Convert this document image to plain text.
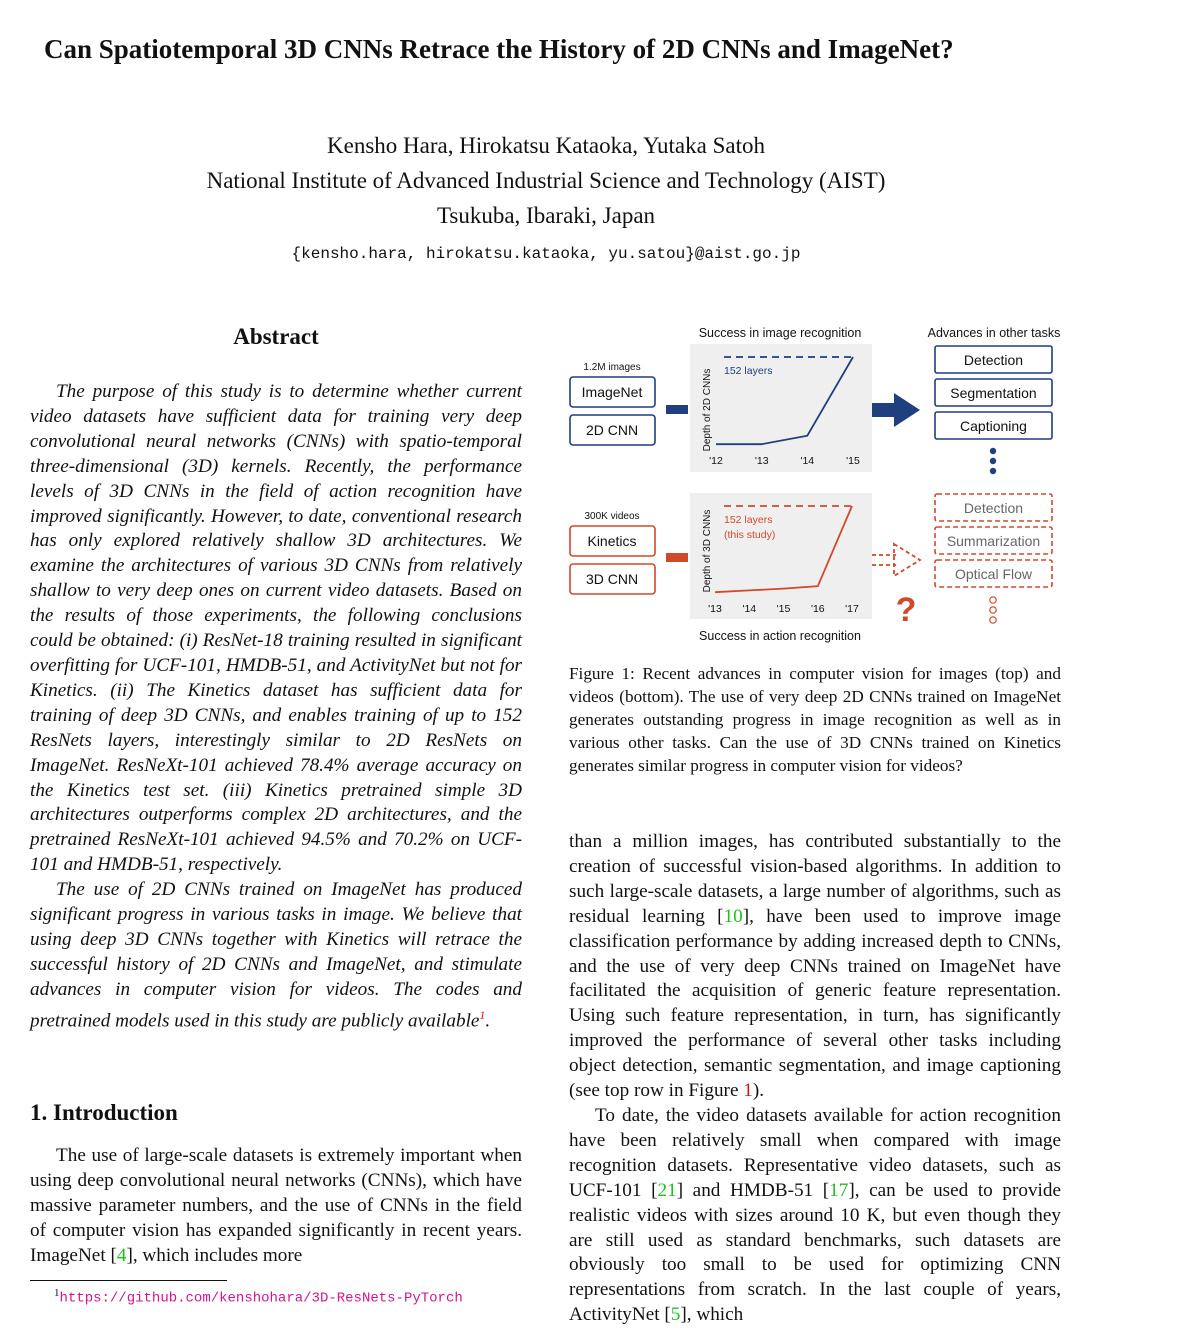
Can Spatiotemporal 3D CNNs Retrace the History of 2D CNNs and ImageNet?
Kensho Hara, Hirokatsu Kataoka, Yutaka Satoh
National Institute of Advanced Industrial Science and Technology (AIST)
Tsukuba, Ibaraki, Japan
{kensho.hara, hirokatsu.kataoka, yu.satou}@aist.go.jp
Abstract

The purpose of this study is to determine whether current video datasets have sufficient data for training very deep convolutional neural networks (CNNs) with spatio-temporal three-dimensional (3D) kernels. Recently, the performance levels of 3D CNNs in the field of action recognition have improved significantly. However, to date, conventional research has only explored relatively shallow 3D architectures. We examine the architectures of various 3D CNNs from relatively shallow to very deep ones on current video datasets. Based on the results of those experiments, the following conclusions could be obtained: (i) ResNet-18 training resulted in significant overfitting for UCF-101, HMDB-51, and ActivityNet but not for Kinetics. (ii) The Kinetics dataset has sufficient data for training of deep 3D CNNs, and enables training of up to 152 ResNets layers, interestingly similar to 2D ResNets on ImageNet. ResNeXt-101 achieved 78.4% average accuracy on the Kinetics test set. (iii) Kinetics pretrained simple 3D architectures outperforms complex 2D architectures, and the pretrained ResNeXt-101 achieved 94.5% and 70.2% on UCF-101 and HMDB-51, respectively.

The use of 2D CNNs trained on ImageNet has produced significant progress in various tasks in image. We believe that using deep 3D CNNs together with Kinetics will retrace the successful history of 2D CNNs and ImageNet, and stimulate advances in computer vision for videos. The codes and pretrained models used in this study are publicly available$^1$.

1. Introduction

The use of large-scale datasets is extremely important when using deep convolutional neural networks (CNNs), which have massive parameter numbers, and the use of CNNs in the field of computer vision has expanded significantly in recent years. ImageNet [4], which includes more

$^1$https://github.com/kenshohara/3D-ResNets-PyTorch
Success in image recognition	Advances in other tasks
Success in action recognition
1.2M images
ImageNet
2D CNN	Depth of 2D CNNs 152 layers
'12	'13	'14	'15
Detection
Segmentation
Captioning
300K videos
Kinetics
3D CNN	Depth of 3D CNNs 152 layers
(this study)
'13 '14 '15 '16 '17 ?
Detection
Summarization
Optical Flow
Figure 1: Recent advances in computer vision for images (top) and videos (bottom). The use of very deep 2D CNNs trained on ImageNet generates outstanding progress in image recognition as well as in various other tasks. Can the use of 3D CNNs trained on Kinetics generates similar progress in computer vision for videos?

than a million images, has contributed substantially to the creation of successful vision-based algorithms. In addition to such large-scale datasets, a large number of algorithms, such as residual learning [10], have been used to improve image classification performance by adding increased depth to CNNs, and the use of very deep CNNs trained on ImageNet have facilitated the acquisition of generic feature representation. Using such feature representation, in turn, has significantly improved the performance of several other tasks including object detection, semantic segmentation, and image captioning (see top row in Figure 1).

To date, the video datasets available for action recognition have been relatively small when compared with image recognition datasets. Representative video datasets, such as UCF-101 [21] and HMDB-51 [17], can be used to provide realistic videos with sizes around 10 K, but even though they are still used as standard benchmarks, such datasets are obviously too small to be used for optimizing CNN representations from scratch. In the last couple of years, ActivityNet [5], which
